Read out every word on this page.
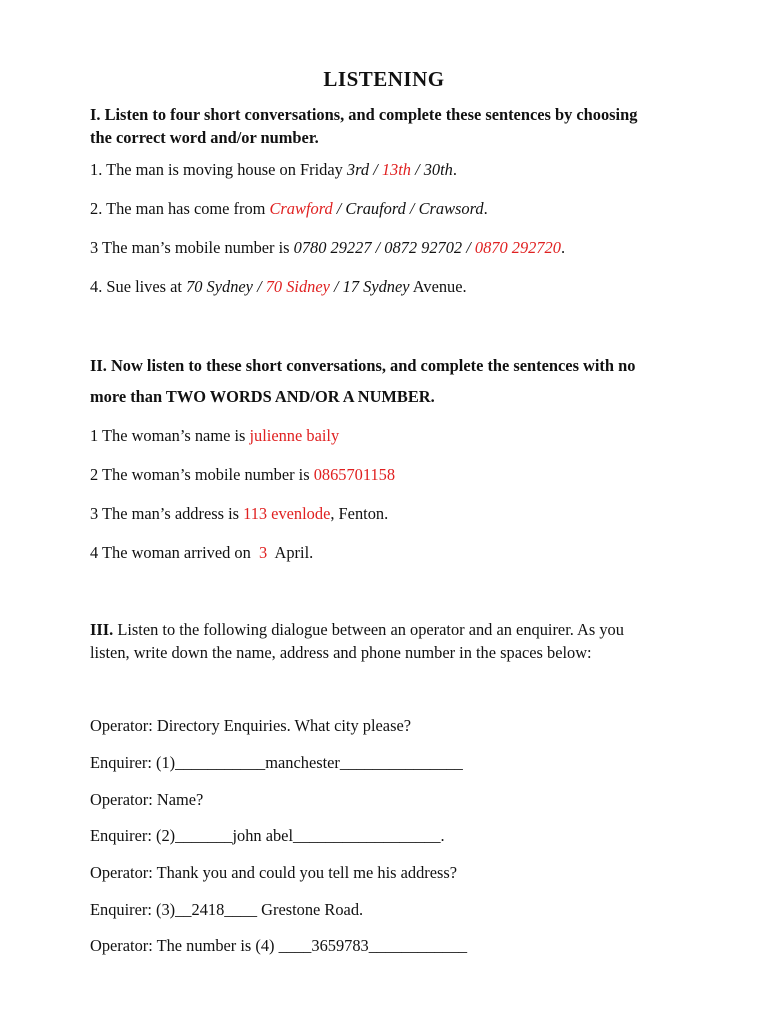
LISTENING
I. Listen to four short conversations, and complete these sentences by choosing
the correct word and/or number.
1. The man is moving house on Friday 3rd / 13th / 30th.
2. The man has come from Crawford / Crauford / Crawsord.
3 The man’s mobile number is 0780 29227 / 0872 92702 / 0870 292720.
4. Sue lives at 70 Sydney / 70 Sidney / 17 Sydney Avenue.
II. Now listen to these short conversations, and complete the sentences with no
more than TWO WORDS AND/OR A NUMBER.
1 The woman’s name is julienne baily
2 The woman’s mobile number is 0865701158
3 The man’s address is 113 evenlode, Fenton.
4 The woman arrived on  3  April.
III. Listen to the following dialogue between an operator and an enquirer. As you
listen, write down the name, address and phone number in the spaces below:
Operator: Directory Enquiries. What city please?
Enquirer: (1)___________manchester_______________
Operator: Name?
Enquirer: (2)_______john abel__________________.
Operator: Thank you and could you tell me his address?
Enquirer: (3)__2418____ Grestone Road.
Operator: The number is (4) ____3659783____________
